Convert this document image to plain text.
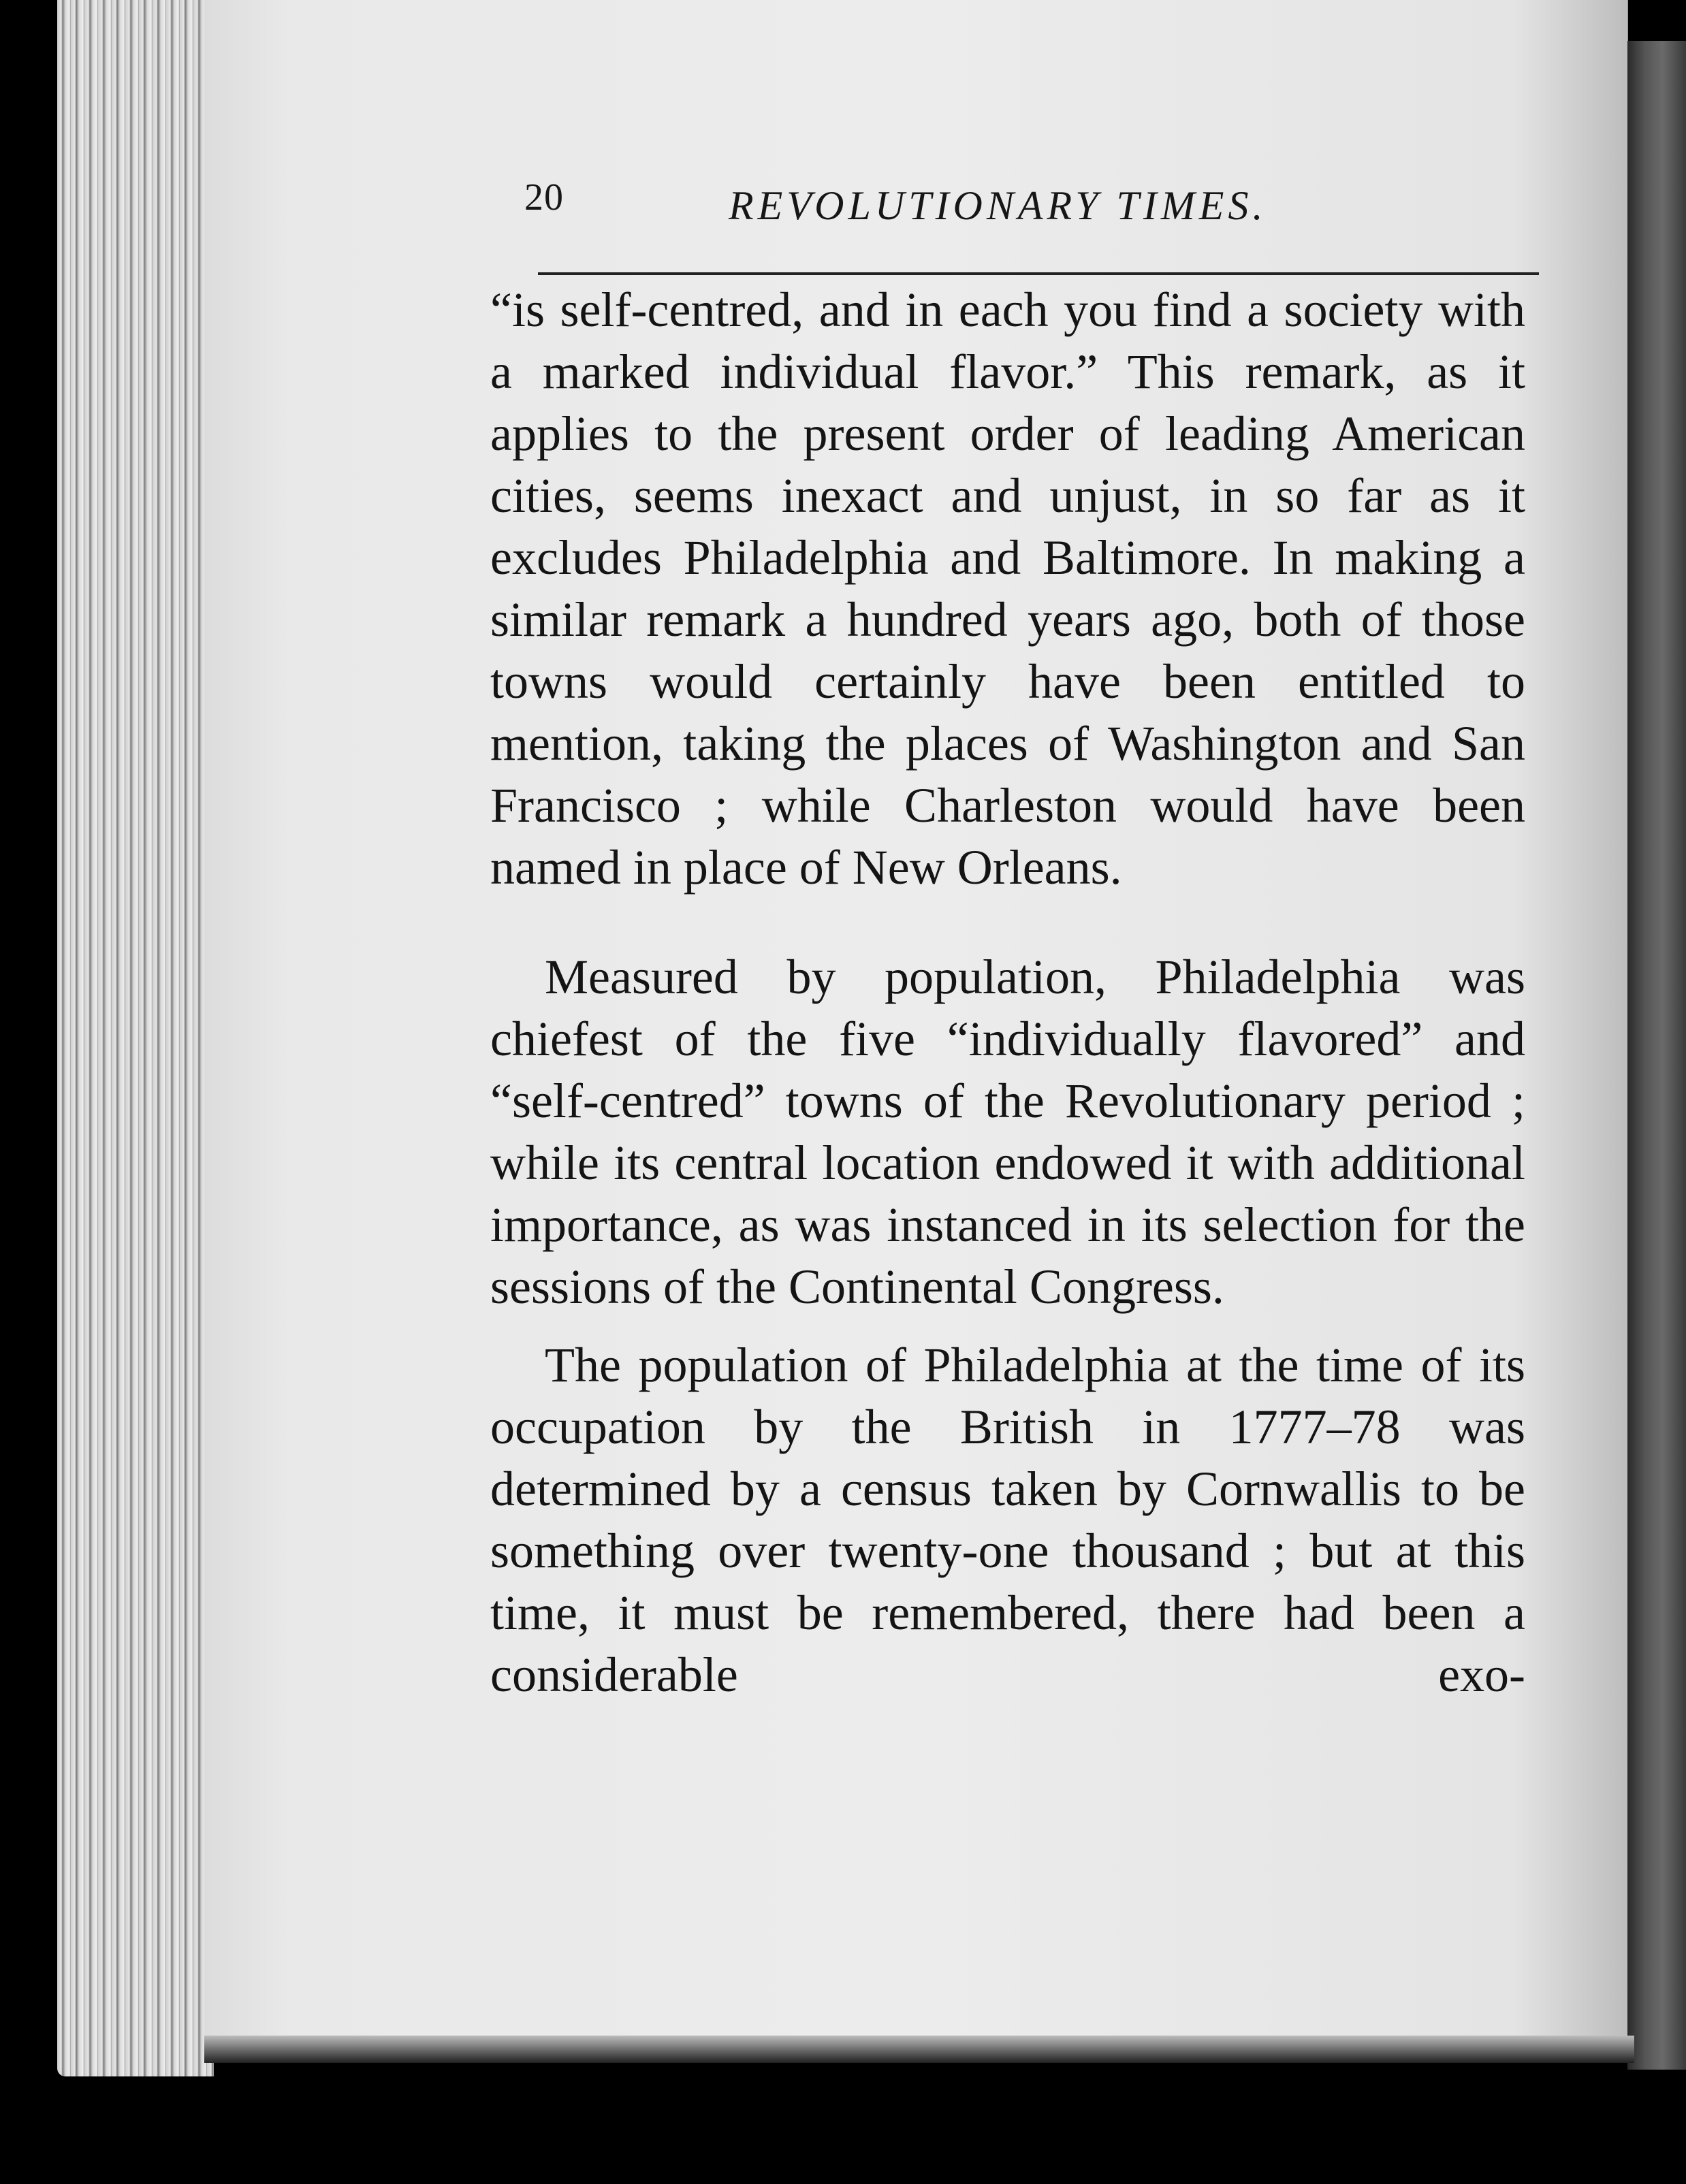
20	REVOLUTIONARY TIMES.

“is self-centred, and in each you find a society with a marked individual flavor.” This remark, as it applies to the present order of leading American cities, seems inexact and unjust, in so far as it excludes Philadelphia and Baltimore. In making a similar remark a hundred years ago, both of those towns would certainly have been entitled to mention, taking the places of Washington and San Francisco ; while Charleston would have been named in place of New Orleans.

Measured by population, Philadelphia was chiefest of the five “individually flavored” and “self-centred” towns of the Revolutionary period ; while its central location endowed it with additional importance, as was instanced in its selection for the sessions of the Continental Congress.

The population of Philadelphia at the time of its occupation by the British in 1777–78 was determined by a census taken by Cornwallis to be something over twenty-one thousand ; but at this time, it must be remembered, there had been a considerable exo-
